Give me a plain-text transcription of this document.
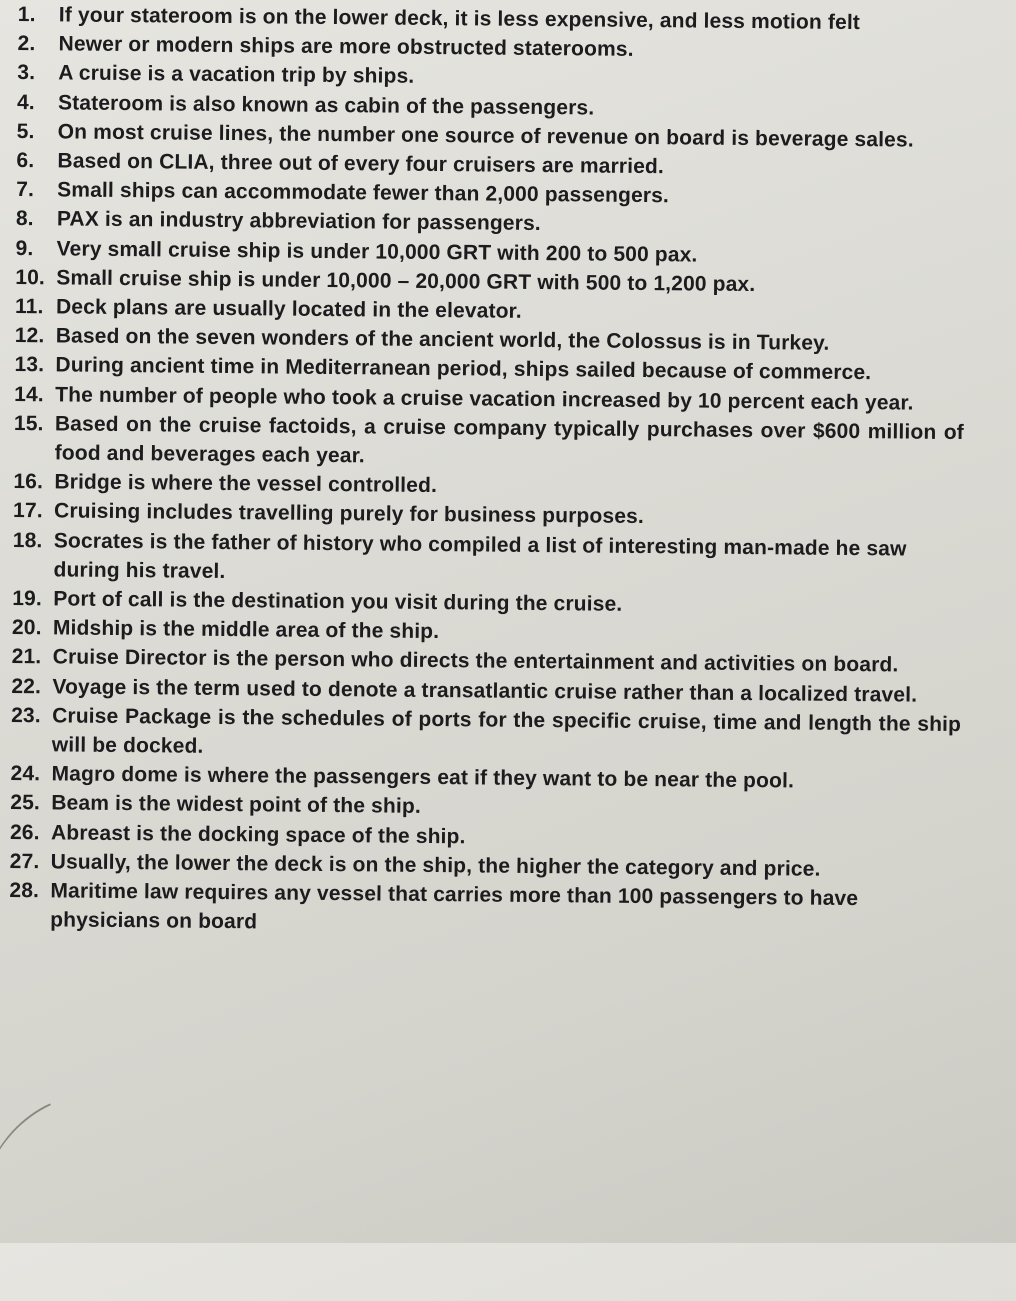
1.	If your stateroom is on the lower deck, it is less expensive, and less motion felt
2.	Newer or modern ships are more obstructed staterooms.
3.	A cruise is a vacation trip by ships.
4.	Stateroom is also known as cabin of the passengers.
5.	On most cruise lines, the number one source of revenue on board is beverage sales.
6.	Based on CLIA, three out of every four cruisers are married.
7.	Small ships can accommodate fewer than 2,000 passengers.
8.	PAX is an industry abbreviation for passengers.
9.	Very small cruise ship is under 10,000 GRT with 200 to 500 pax.
10. Small cruise ship is under 10,000 – 20,000 GRT with 500 to 1,200 pax.
11. Deck plans are usually located in the elevator.
12. Based on the seven wonders of the ancient world, the Colossus is in Turkey.
13. During ancient time in Mediterranean period, ships sailed because of commerce.
14. The number of people who took a cruise vacation increased by 10 percent each year.
15. Based on the cruise factoids, a cruise company typically purchases over $600 million of food and beverages each year.
16. Bridge is where the vessel controlled.
17. Cruising includes travelling purely for business purposes.
18. Socrates is the father of history who compiled a list of interesting man-made he saw during his travel.
19. Port of call is the destination you visit during the cruise.
20. Midship is the middle area of the ship.
21. Cruise Director is the person who directs the entertainment and activities on board.
22. Voyage is the term used to denote a transatlantic cruise rather than a localized travel.
23. Cruise Package is the schedules of ports for the specific cruise, time and length the ship will be docked.
24. Magro dome is where the passengers eat if they want to be near the pool.
25. Beam is the widest point of the ship.
26. Abreast is the docking space of the ship.
27. Usually, the lower the deck is on the ship, the higher the category and price.
28. Maritime law requires any vessel that carries more than 100 passengers to have physicians on board
